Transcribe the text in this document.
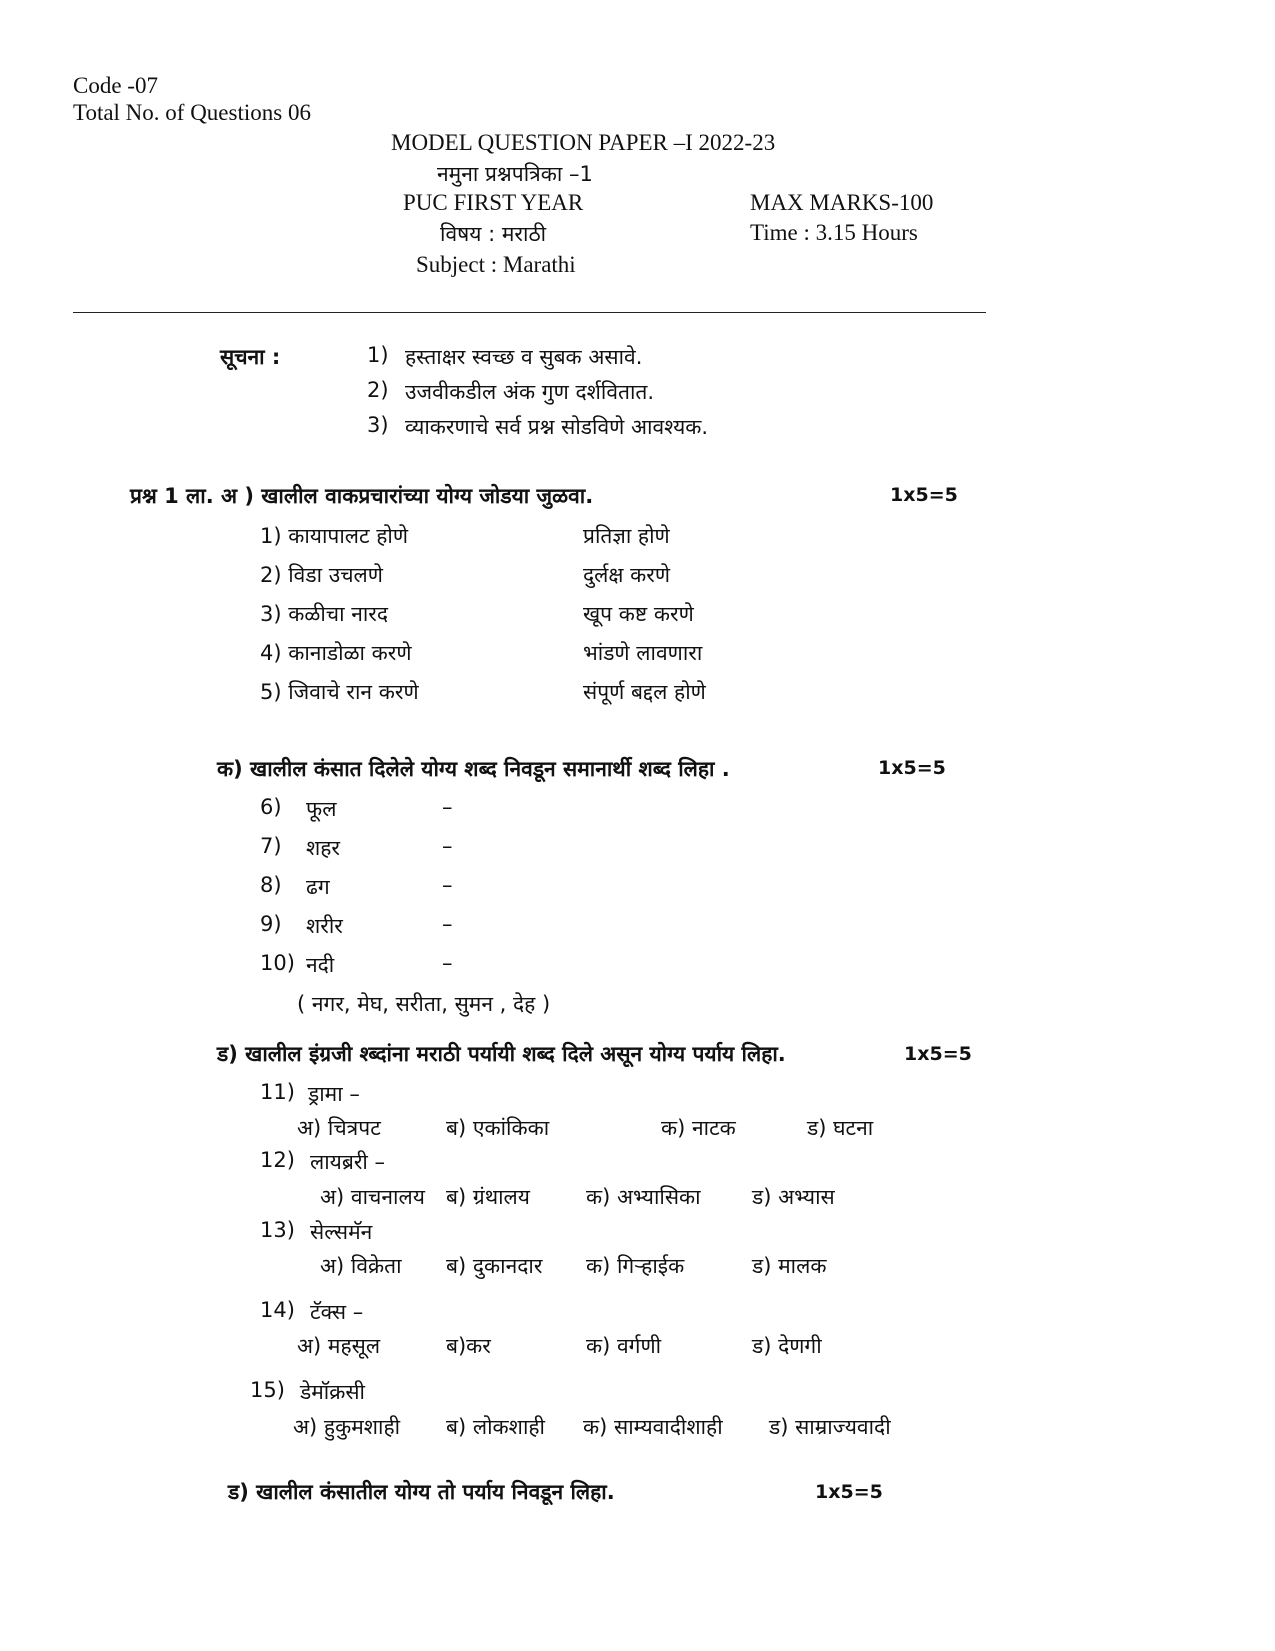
Code -07
Total No. of Questions 06
MODEL QUESTION PAPER –I 2022-23
नमुना प्रश्नपत्रिका –1
PUC FIRST YEAR	MAX MARKS-100
विषय : मराठी	Time : 3.15 Hours
Subject : Marathi
सूचना :	1) हस्ताक्षर स्वच्छ व सुबक असावे.
2) उजवीकडील अंक गुण दर्शवितात.
3) व्याकरणाचे सर्व प्रश्न सोडविणे आवश्यक.
प्रश्न 1 ला. अ ) खालील वाकप्रचारांच्या योग्य जोडया जुळवा.	1x5=5
1) कायापालट होणे	प्रतिज्ञा होणे
2) विडा उचलणे	दुर्लक्ष करणे
3) कळीचा नारद	खूप कष्ट करणे
4) कानाडोळा करणे	भांडणे लावणारा
5) जिवाचे रान करणे	संपूर्ण बद्दल होणे
क) खालील कंसात दिलेले योग्य शब्द निवडून समानार्थी शब्द लिहा .	1x5=5
6) फूल	–
7) शहर	–
8) ढग	–
9) शरीर	–
10) नदी	–
( नगर, मेघ, सरीता, सुमन , देह )
ड) खालील इंग्रजी श्ब्दांना मराठी पर्यायी शब्द दिले असून योग्य पर्याय लिहा.	1x5=5
11) ड्रामा –
अ) चित्रपट	ब) एकांकिका	क) नाटक	ड) घटना
12) लायब्ररी –
अ) वाचनालय ब) ग्रंथालय	क) अभ्यासिका ड) अभ्यास
13) सेल्समॅन
अ) विक्रेता ब) दुकानदार क) गिऱ्हाईक	ड) मालक
14) टॅक्स –
अ) महसूल	ब)कर	क) वर्गणी	ड) देणगी
15) डेमॉक्रसी
अ) हुकुमशाही ब) लोकशाही क) साम्यवादीशाही ड) साम्राज्यवादी
ड) खालील कंसातील योग्य तो पर्याय निवडून लिहा.	1x5=5
